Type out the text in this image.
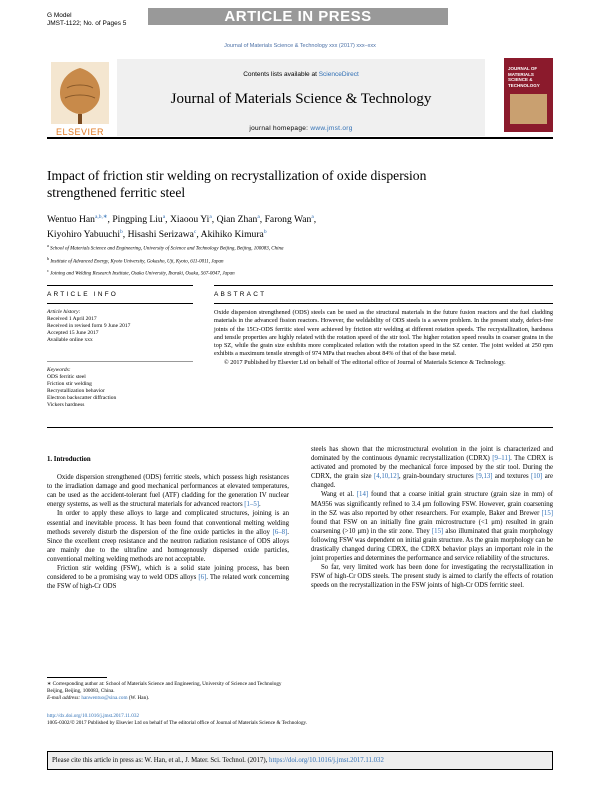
G Model
JMST-1122; No. of Pages 5	ARTICLE IN PRESS
Journal of Materials Science & Technology xxx (2017) xxx–xxx
ELSEVIER
Contents lists available at ScienceDirect
Journal of Materials Science & Technology
journal homepage: www.jmst.org
JOURNAL OF MATERIALS SCIENCE & TECHNOLOGY
Impact of friction stir welding on recrystallization of oxide dispersion
strengthened ferritic steel
Wentuo Han$^{a,b,∗}$, Pingping Liu$^a$, Xiaoou Yi$^a$, Qian Zhan$^a$, Farong Wan$^a$,
Kiyohiro Yabuuchi$^b$, Hisashi Serizawa$^c$, Akihiko Kimura$^b$
$^a$ School of Materials Science and Engineering, University of Science and Technology Beijing, Beijing, 100083, China
$^b$ Institute of Advanced Energy, Kyoto University, Gokasho, Uji, Kyoto, 611-0011, Japan
$^c$ Joining and Welding Research Institute, Osaka University, Ibaraki, Osaka, 567-0047, Japan
ARTICLE INFO	ABSTRACT
Article history:
Received 1 April 2017
Received in revised form 9 June 2017
Accepted 15 June 2017
Available online xxx
Keywords:
ODS ferritic steel
Friction stir welding
Recrystallization behavior
Electron backscatter diffraction
Vickers hardness
Oxide dispersion strengthened (ODS) steels can be used as the structural materials in the future fusion reactors and the fuel cladding materials in the advanced fission reactors. However, the weldability of ODS steels is a severe problem. In the present study, defect-free joints of the 15Cr-ODS ferritic steel were achieved by friction stir welding at different rotation speeds. The recrystallization, hardness and tensile properties are highly related with the rotation speed of the stir tool. The higher rotation speed results in coarser grains in the top SZ, while the grain size exhibits more complicated relation with the rotation speed in the SZ center. The joint welded at 250 rpm exhibits a maximum tensile strength of 974 MPa that reaches about 84% of that of the base metal.
© 2017 Published by Elsevier Ltd on behalf of The editorial office of Journal of Materials Science & Technology.

1. Introduction

Oxide dispersion strengthened (ODS) ferritic steels, which possess high resistances to the irradiation damage and good mechanical performances at elevated temperatures, can be used as the accident-tolerant fuel (ATF) cladding for the generation IV nuclear energy systems, as well as the structural materials for advanced reactors [1–5].

In order to apply these alloys to large and complicated structures, joining is an essential and inevitable process. It has been found that conventional melting welding methods severely disturb the dispersion of the fine oxide particles in the alloy [6–8]. Since the excellent creep resistance and the neutron radiation resistance of ODS alloys are mainly due to the ultrafine and homogenously dispersed oxide particles, conventional melting welding methods are not acceptable.

Friction stir welding (FSW), which is a solid state joining process, has been considered to be a promising way to weld ODS alloys [6]. The related work concerning the FSW of high-Cr ODS

steels has shown that the microstructural evolution in the joint is characterized and dominated by the continuous dynamic recrystallization (CDRX) [9–11]. The CDRX is activated and promoted by the mechanical force imposed by the stir tool. During the CDRX, the grain size [4,10,12], grain-boundary structures [9,13] and textures [10] are changed.

Wang et al. [14] found that a coarse initial grain structure (grain size in mm) of MA956 was significantly refined to 3.4 μm following FSW. However, grain coarsening in the SZ was also reported by other researchers. For example, Baker and Brewer [15] found that FSW on an initially fine grain microstructure (<1 μm) resulted in grain coarsening (>10 μm) in the stir zone. They [15] also illuminated that grain morphology following FSW was dependent on initial grain structure. As the grain morphology can be drastically changed during CDRX, the CDRX behavior plays an important role in the joint properties and determines the performance and service reliability of the structures.

So far, very limited work has been done for investigating the recrystallization in FSW of high-Cr ODS steels. The present study is aimed to clarify the effects of rotation speeds on the recrystallization in the FSW joints of high-Cr ODS ferritic steel.

∗ Corresponding author at: School of Materials Science and Engineering, University of Science and Technology Beijing, Beijing, 100083, China.
E-mail address: hanwentuo@sina.com (W. Han).
http://dx.doi.org/10.1016/j.jmst.2017.11.032
1005-0302/© 2017 Published by Elsevier Ltd on behalf of The editorial office of Journal of Materials Science & Technology.
Please cite this article in press as: W. Han, et al., J. Mater. Sci. Technol. (2017), https://doi.org/10.1016/j.jmst.2017.11.032
